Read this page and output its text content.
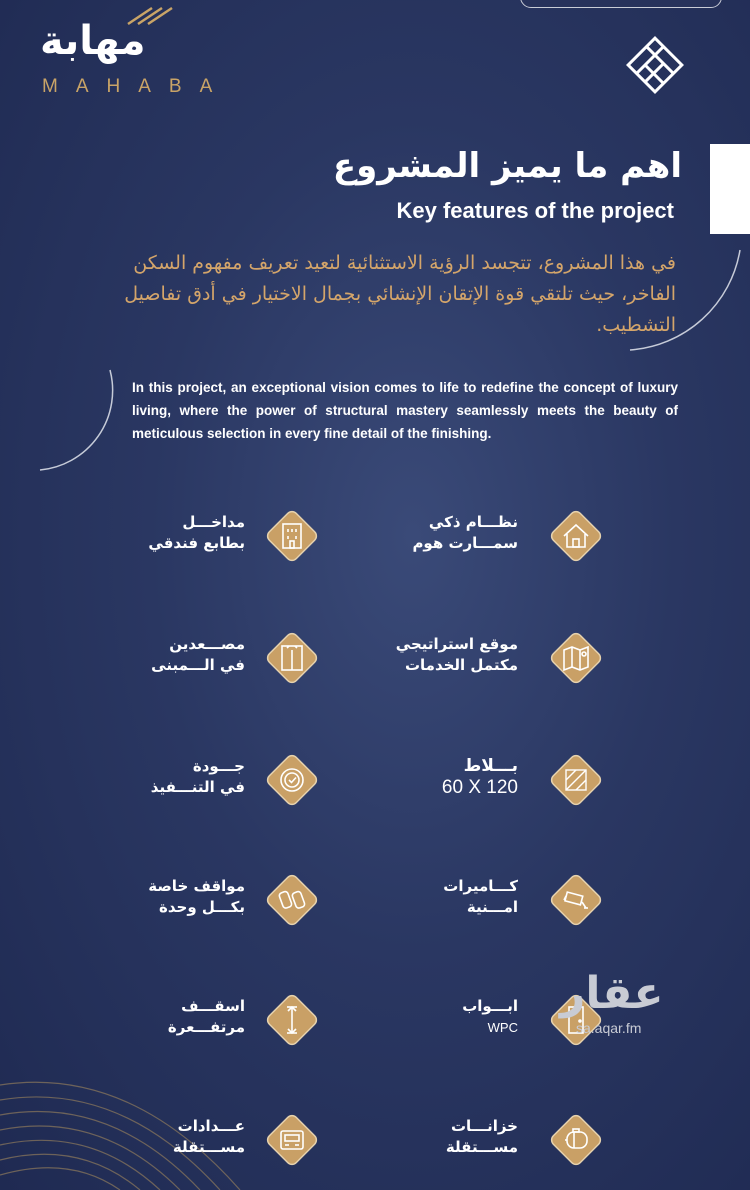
مهابة
MAHABA
اهم ما يميز المشروع
Key features of the project
في هذا المشروع، تتجسد الرؤية الاستثنائية لتعيد تعريف مفهوم السكن الفاخر، حيث تلتقي قوة الإتقان الإنشائي بجمال الاختيار في أدق تفاصيل التشطيب.
In this project, an exceptional vision comes to life to redefine the concept of luxury living, where the power of structural mastery seamlessly meets the beauty of meticulous selection in every fine detail of the finishing.
مداخـــل
بطابع فندقي
نظـــام ذكي
سمـــارت هوم
مصـــعدين
في الـــمبنى
موقع استراتيجي
مكتمل الخدمات
جـــودة
في التنـــفيذ
بـــلاط
60 X 120
مواقف خاصة
بكـــل وحدة
كـــاميرات
امـــنية
اسقـــف
مرتفـــعرة
ابـــواب
WPC
عـــدادات
مســـتقلة
خزانـــات
مســـتقلة
عقار
sa.aqar.fm
